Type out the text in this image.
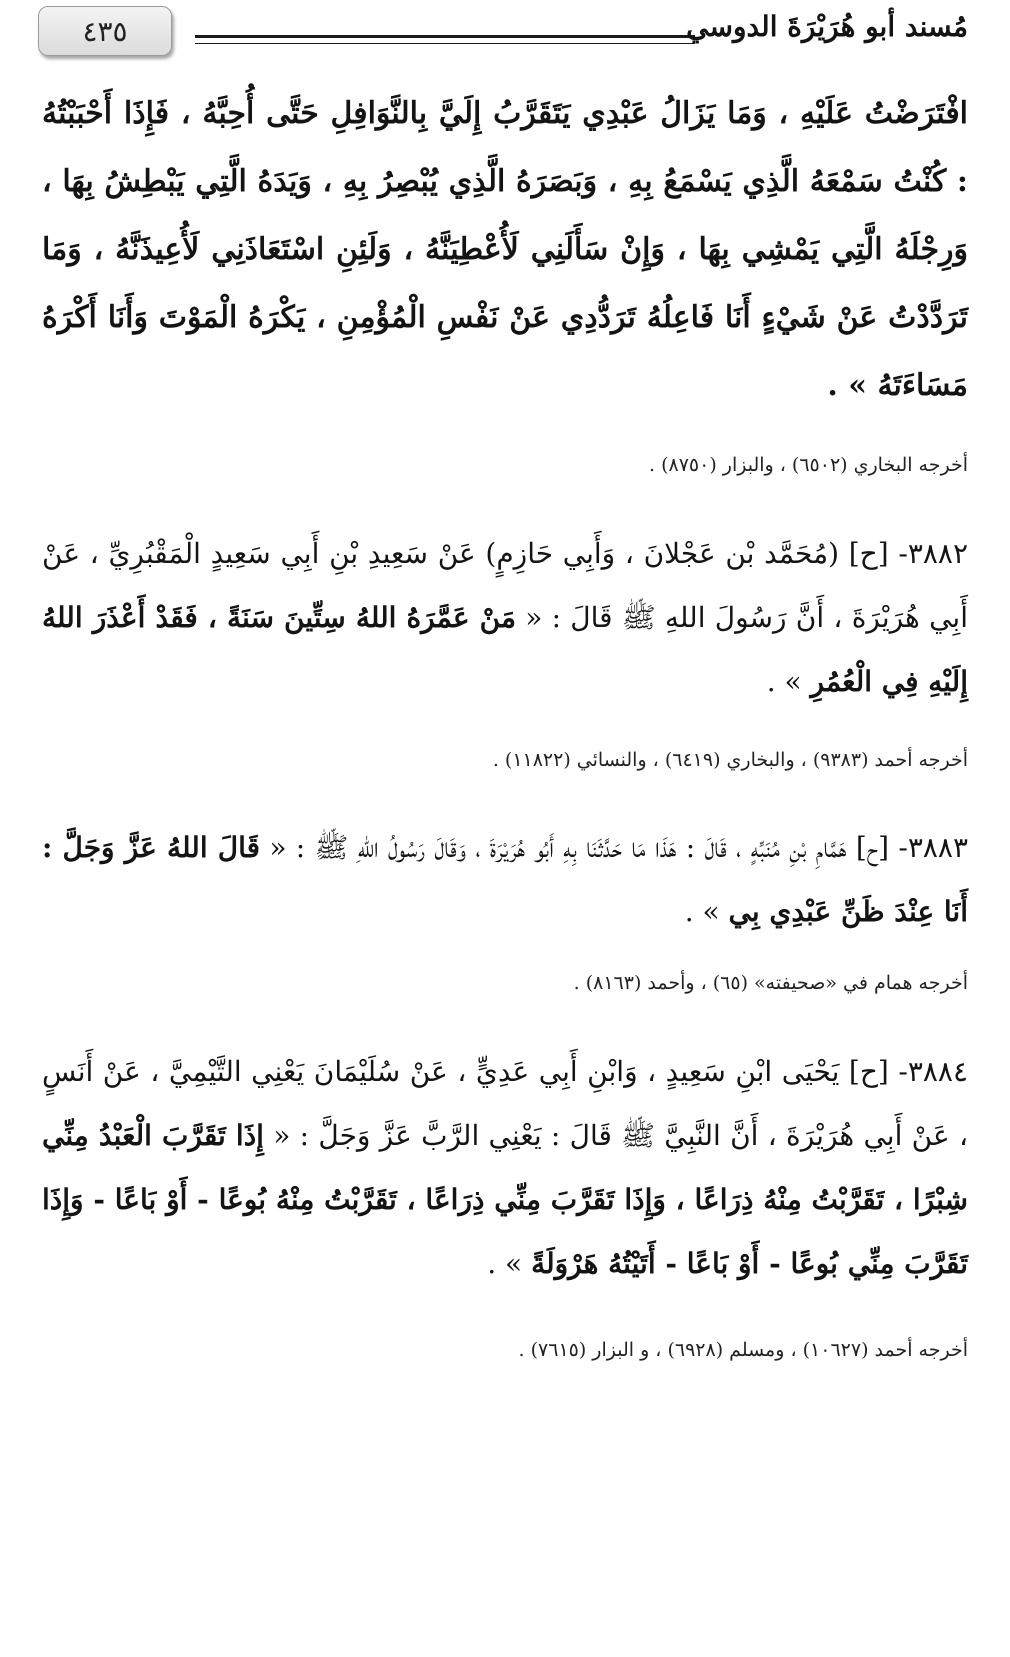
٤٣٥	مُسند أبو هُرَيْرَةَ الدوسي
افْتَرَضْتُ عَلَيْهِ ، وَمَا يَزَالُ عَبْدِي يَتَقَرَّبُ إِلَيَّ بِالنَّوَافِلِ حَتَّى أُحِبَّهُ ، فَإِذَا أَحْبَبْتُهُ : كُنْتُ سَمْعَهُ الَّذِي يَسْمَعُ بِهِ ، وَبَصَرَهُ الَّذِي يُبْصِرُ بِهِ ، وَيَدَهُ الَّتِي يَبْطِشُ بِهَا ، وَرِجْلَهُ الَّتِي يَمْشِي بِهَا ، وَإِنْ سَأَلَنِي لَأُعْطِيَنَّهُ ، وَلَئِنِ اسْتَعَاذَنِي لَأُعِيذَنَّهُ ، وَمَا تَرَدَّدْتُ عَنْ شَيْءٍ أَنَا فَاعِلُهُ تَرَدُّدِي عَنْ نَفْسِ الْمُؤْمِنِ ، يَكْرَهُ الْمَوْتَ وَأَنَا أَكْرَهُ مَسَاءَتَهُ » .
أخرجه البخاري (٦٥٠٢) ، والبزار (٨٧٥٠) .
٣٨٨٢- [ح] (مُحَمَّد بْن عَجْلانَ ، وَأَبِي حَازِمٍ) عَنْ سَعِيدِ بْنِ أَبِي سَعِيدٍ الْمَقْبُرِيِّ ، عَنْ أَبِي هُرَيْرَةَ ، أَنَّ رَسُولَ اللهِ ﷺ قَالَ : « مَنْ عَمَّرَهُ اللهُ سِتِّينَ سَنَةً ، فَقَدْ أَعْذَرَ اللهُ إِلَيْهِ فِي الْعُمُرِ » .
أخرجه أحمد (٩٣٨٣) ، والبخاري (٦٤١٩) ، والنسائي (١١٨٢٢) .
٣٨٨٣- [ح] هَمَّامِ بْنِ مُنَبِّهٍ ، قَالَ : هَذَا مَا حَدَّثَنَا بِهِ أَبُو هُرَيْرَةَ ، وَقَالَ رَسُولُ اللهِ ﷺ : « قَالَ اللهُ عَزَّ وَجَلَّ : أَنَا عِنْدَ ظَنِّ عَبْدِي بِي » .
أخرجه همام في «صحيفته» (٦٥) ، وأحمد (٨١٦٣) .
٣٨٨٤- [ح] يَحْيَى ابْنِ سَعِيدٍ ، وَابْنِ أَبِي عَدِيٍّ ، عَنْ سُلَيْمَانَ يَعْنِي التَّيْمِيَّ ، عَنْ أَنَسٍ ، عَنْ أَبِي هُرَيْرَةَ ، أَنَّ النَّبِيَّ ﷺ قَالَ : يَعْنِي الرَّبَّ عَزَّ وَجَلَّ : « إِذَا تَقَرَّبَ الْعَبْدُ مِنِّي شِبْرًا ، تَقَرَّبْتُ مِنْهُ ذِرَاعًا ، وَإِذَا تَقَرَّبَ مِنِّي ذِرَاعًا ، تَقَرَّبْتُ مِنْهُ بُوعًا - أَوْ بَاعًا - وَإِذَا تَقَرَّبَ مِنِّي بُوعًا - أَوْ بَاعًا - أَتَيْتُهُ هَرْوَلَةً » .
أخرجه أحمد (١٠٦٢٧) ، ومسلم (٦٩٢٨) ، و البزار (٧٦١٥) .
